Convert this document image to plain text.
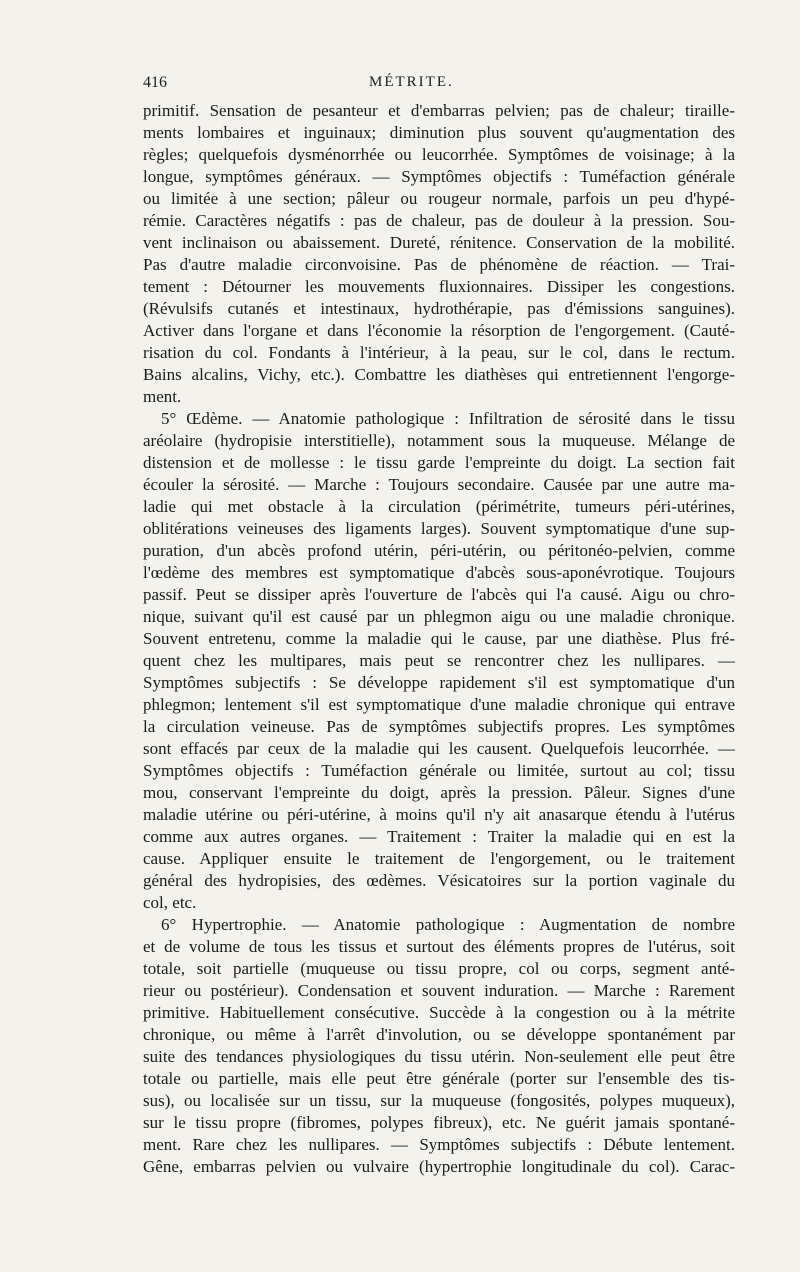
416	MÉTRITE.
primitif. Sensation de pesanteur et d'embarras pelvien; pas de chaleur; tiraille-
ments lombaires et inguinaux; diminution plus souvent qu'augmentation des
règles; quelquefois dysménorrhée ou leucorrhée. Symptômes de voisinage; à la
longue, symptômes généraux. — Symptômes objectifs : Tuméfaction générale
ou limitée à une section; pâleur ou rougeur normale, parfois un peu d'hypé-
rémie. Caractères négatifs : pas de chaleur, pas de douleur à la pression. Sou-
vent inclinaison ou abaissement. Dureté, rénitence. Conservation de la mobilité.
Pas d'autre maladie circonvoisine. Pas de phénomène de réaction. — Trai-
tement : Détourner les mouvements fluxionnaires. Dissiper les congestions.
(Révulsifs cutanés et intestinaux, hydrothérapie, pas d'émissions sanguines).
Activer dans l'organe et dans l'économie la résorption de l'engorgement. (Cauté-
risation du col. Fondants à l'intérieur, à la peau, sur le col, dans le rectum.
Bains alcalins, Vichy, etc.). Combattre les diathèses qui entretiennent l'engorge-
ment.
5° Œdème. — Anatomie pathologique : Infiltration de sérosité dans le tissu
aréolaire (hydropisie interstitielle), notamment sous la muqueuse. Mélange de
distension et de mollesse : le tissu garde l'empreinte du doigt. La section fait
écouler la sérosité. — Marche : Toujours secondaire. Causée par une autre ma-
ladie qui met obstacle à la circulation (périmétrite, tumeurs péri-utérines,
oblitérations veineuses des ligaments larges). Souvent symptomatique d'une sup-
puration, d'un abcès profond utérin, péri-utérin, ou péritonéo-pelvien, comme
l'œdème des membres est symptomatique d'abcès sous-aponévrotique. Toujours
passif. Peut se dissiper après l'ouverture de l'abcès qui l'a causé. Aigu ou chro-
nique, suivant qu'il est causé par un phlegmon aigu ou une maladie chronique.
Souvent entretenu, comme la maladie qui le cause, par une diathèse. Plus fré-
quent chez les multipares, mais peut se rencontrer chez les nullipares. —
Symptômes subjectifs : Se développe rapidement s'il est symptomatique d'un
phlegmon; lentement s'il est symptomatique d'une maladie chronique qui entrave
la circulation veineuse. Pas de symptômes subjectifs propres. Les symptômes
sont effacés par ceux de la maladie qui les causent. Quelquefois leucorrhée. —
Symptômes objectifs : Tuméfaction générale ou limitée, surtout au col; tissu
mou, conservant l'empreinte du doigt, après la pression. Pâleur. Signes d'une
maladie utérine ou péri-utérine, à moins qu'il n'y ait anasarque étendu à l'utérus
comme aux autres organes. — Traitement : Traiter la maladie qui en est la
cause. Appliquer ensuite le traitement de l'engorgement, ou le traitement
général des hydropisies, des œdèmes. Vésicatoires sur la portion vaginale du
col, etc.
6° Hypertrophie. — Anatomie pathologique : Augmentation de nombre
et de volume de tous les tissus et surtout des éléments propres de l'utérus, soit
totale, soit partielle (muqueuse ou tissu propre, col ou corps, segment anté-
rieur ou postérieur). Condensation et souvent induration. — Marche : Rarement
primitive. Habituellement consécutive. Succède à la congestion ou à la métrite
chronique, ou même à l'arrêt d'involution, ou se développe spontanément par
suite des tendances physiologiques du tissu utérin. Non-seulement elle peut être
totale ou partielle, mais elle peut être générale (porter sur l'ensemble des tis-
sus), ou localisée sur un tissu, sur la muqueuse (fongosités, polypes muqueux),
sur le tissu propre (fibromes, polypes fibreux), etc. Ne guérit jamais spontané-
ment. Rare chez les nullipares. — Symptômes subjectifs : Débute lentement.
Gêne, embarras pelvien ou vulvaire (hypertrophie longitudinale du col). Carac-
